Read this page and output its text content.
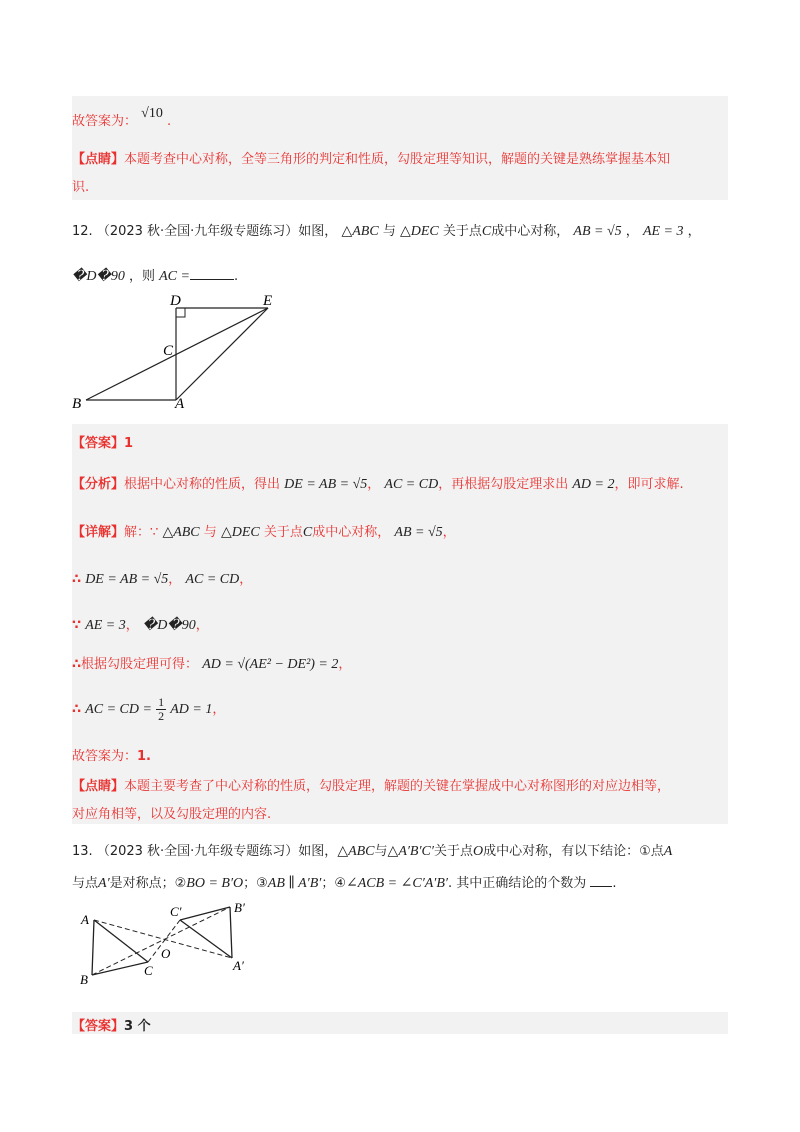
故答案为： √10 .
【点睛】本题考查中心对称，全等三角形的判定和性质，勾股定理等知识，解题的关键是熟练掌握基本知
识.
12. （2023 秋·全国·九年级专题练习）如图， △ABC 与 △DEC 关于点C成中心对称， AB = √5 ， AE = 3 ，
�D�90 ，则 AC =	.
D	E
C
B	A
【答案】1
【分析】根据中心对称的性质，得出 DE = AB = √5， AC = CD，再根据勾股定理求出 AD = 2，即可求解.
【详解】解：∵ △ABC 与 △DEC 关于点C成中心对称， AB = √5，
∴ DE = AB = √5， AC = CD，
∵ AE = 3， �D�90，
∴根据勾股定理可得： AD = √(AE² − DE²) = 2，
∴ AC = CD = $\frac{1}{2}$ AD = 1，
故答案为：1.
【点睛】本题主要考查了中心对称的性质，勾股定理，解题的关键在掌握成中心对称图形的对应边相等，
对应角相等，以及勾股定理的内容.
13. （2023 秋·全国·九年级专题练习）如图，△ABC与△A′B′C′关于点O成中心对称，有以下结论：①点A
与点A′是对称点；②BO = B′O；③AB ∥ A′B′；④∠ACB = ∠C′A′B′. 其中正确结论的个数为 .
A
B
C
O
A′
B′
C′
【答案】3 个
